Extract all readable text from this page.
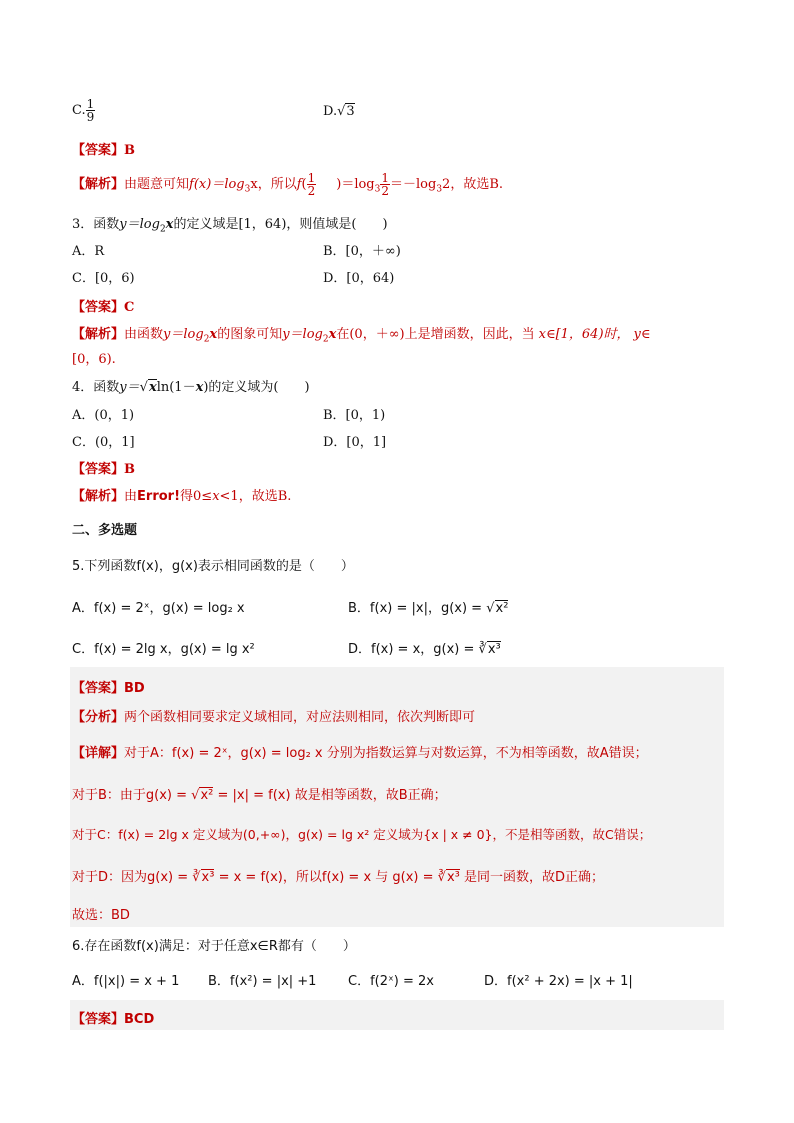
C. $\frac{1}{9}$	D.√3
【答案】B
【解析】由题意可知$f(x)=\log_3x$，所以$f( \frac{1}{2} )=\log_3 \frac{1}{2} =-\log_32$，故选B.
3．函数$y=\log_2x$的定义域是[1，64)，则值域是(　　)
A．R	B．[0，＋∞)
C．[0，6)	D．[0，64)
【答案】C
【解析】由函数$y=\log_2x$的图象可知$y=\log_2x$在(0，＋∞)上是增函数，因此，当 x∈[1，64)时， y∈
[0，6).
4．函数y＝√xln(1－x)的定义域为(　　)
A．(0，1)	B．[0，1)
C．(0，1]	D．[0，1]
【答案】B
【解析】由Error!得0≤x<1，故选B.
二、多选题
5.下列函数f(x)，g(x)表示相同函数的是（　　）
A．f(x) = 2ˣ，g(x) = log₂ x	B．f(x) = |x|，g(x) = √x²
C．f(x) = 2lg x，g(x) = lg x²	D．f(x) = x，g(x) = ∛x³
【答案】BD
【分析】两个函数相同要求定义域相同，对应法则相同，依次判断即可
【详解】对于A：f(x) = 2ˣ，g(x) = log₂ x 分别为指数运算与对数运算，不为相等函数，故A错误；
对于B：由于g(x) = √x² = |x| = f(x) 故是相等函数，故B正确；
对于C：f(x) = 2lg x 定义域为(0,+∞)，g(x) = lg x² 定义域为{x | x ≠ 0}，不是相等函数，故C错误；
对于D：因为g(x) = ∛x³ = x = f(x)，所以f(x) = x 与 g(x) = ∛x³ 是同一函数，故D正确；
故选：BD
6.存在函数f(x)满足：对于任意x∈R都有（　　）
A．f(|x|) = x + 1 B．f(x²) = |x| +1 C．f(2ˣ) = 2x	D．f(x² + 2x) = |x + 1|
【答案】BCD
